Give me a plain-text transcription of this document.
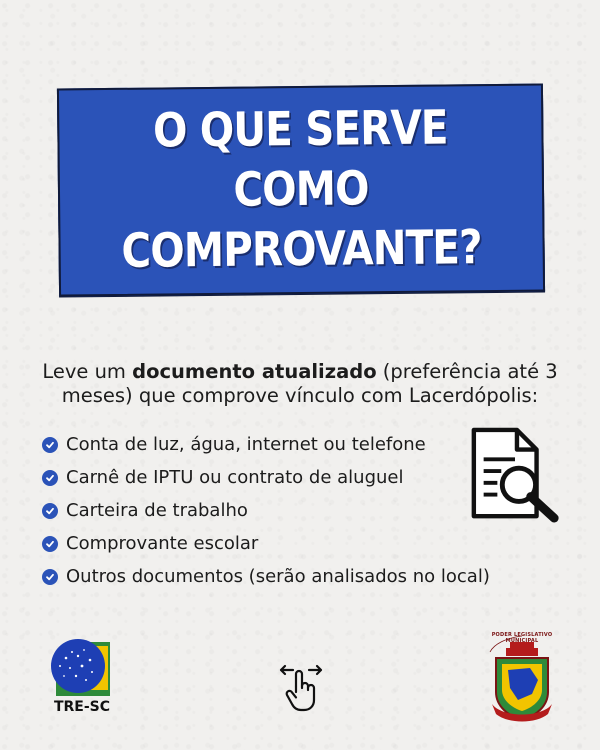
O QUE SERVE COMO
COMPROVANTE?

Leve um documento atualizado (preferência até 3 meses) que comprove vínculo com Lacerdópolis:

Conta de luz, água, internet ou telefone
Carnê de IPTU ou contrato de aluguel
Carteira de trabalho
Comprovante escolar
Outros documentos (serão analisados no local)
TRE-SC
PODER LEGISLATIVO MUNICIPAL
